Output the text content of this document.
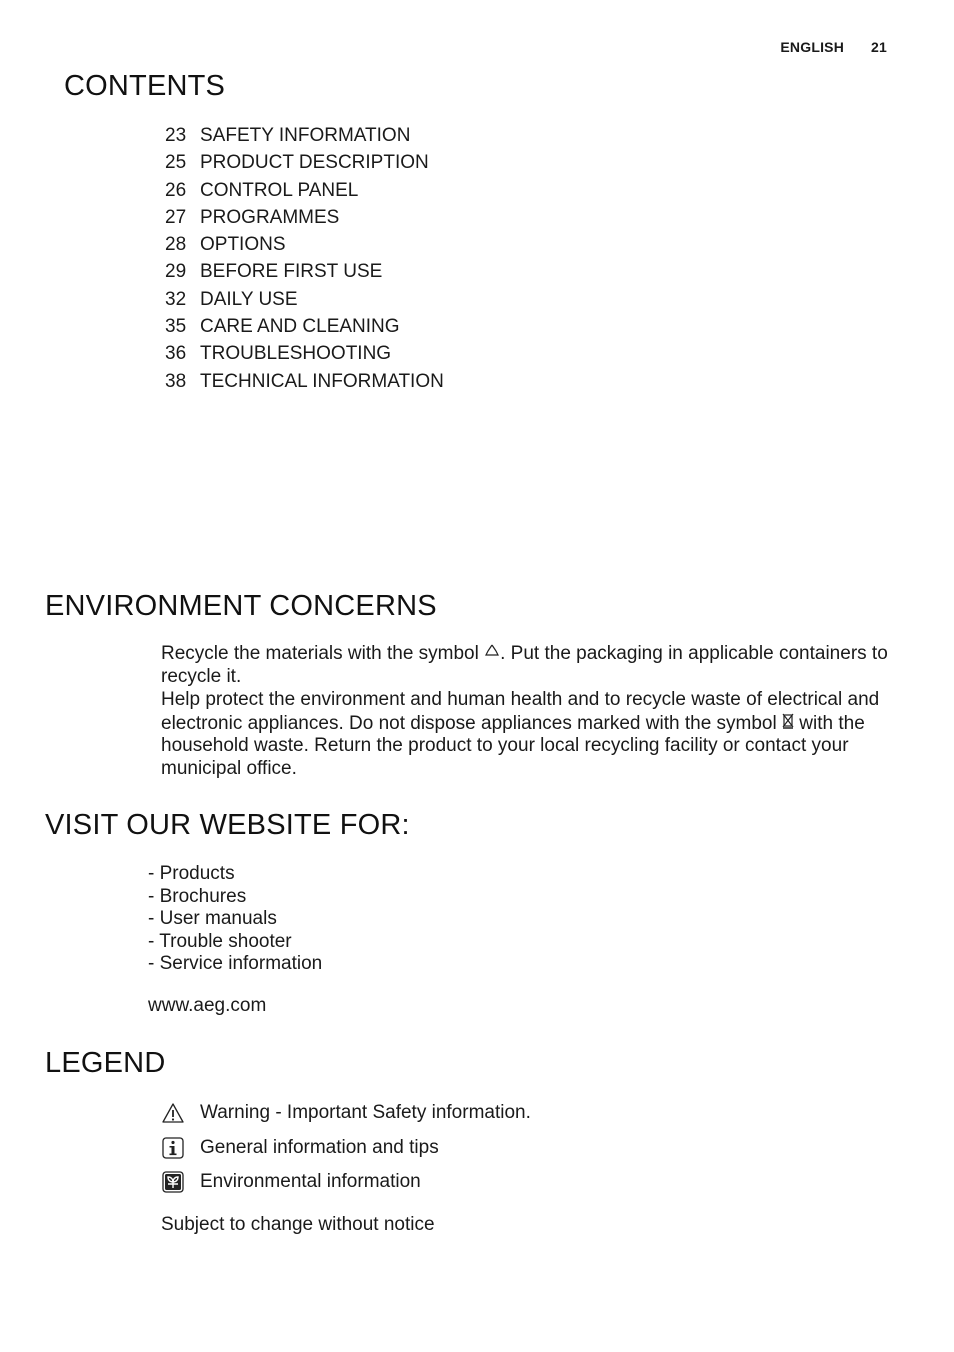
ENGLISH 21
CONTENTS
23 SAFETY INFORMATION
25 PRODUCT DESCRIPTION
26 CONTROL PANEL
27 PROGRAMMES
28 OPTIONS
29 BEFORE FIRST USE
32 DAILY USE
35 CARE AND CLEANING
36 TROUBLESHOOTING
38 TECHNICAL INFORMATION
ENVIRONMENT CONCERNS

Recycle the materials with the symbol . Put the packaging in applicable containers to recycle it.

Help protect the environment and human health and to recycle waste of electrical and electronic appliances. Do not dispose appliances marked with the symbol with the household waste. Return the product to your local recycling facility or contact your municipal office.

VISIT OUR WEBSITE FOR:
- Products
- Brochures
- User manuals
- Trouble shooter
- Service information
www.aeg.com
LEGEND
Warning - Important Safety information.
General information and tips
Environmental information
Subject to change without notice
